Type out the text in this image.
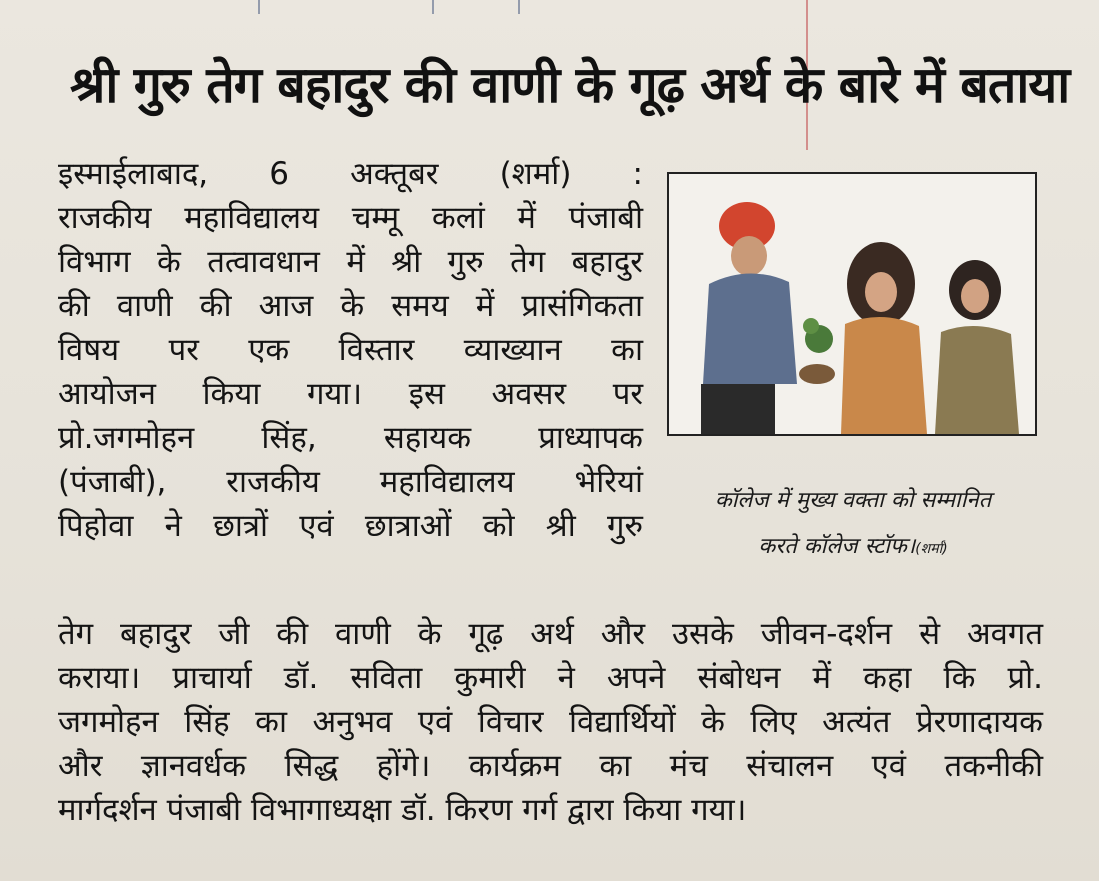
श्री गुरु तेग बहादुर की वाणी के गूढ़ अर्थ के बारे में बताया
इस्माईलाबाद, 6 अक्तूबर (शर्मा) :
राजकीय महाविद्यालय चम्मू कलां में पंजाबी
विभाग के तत्वावधान में श्री गुरु तेग बहादुर
की वाणी की आज के समय में प्रासंगिकता
विषय पर एक विस्तार व्याख्यान का
आयोजन किया गया। इस अवसर पर
प्रो.जगमोहन सिंह, सहायक प्राध्यापक
(पंजाबी), राजकीय महाविद्यालय भेरियां
पिहोवा ने छात्रों एवं छात्राओं को श्री गुरु
कॉलेज में मुख्य वक्ता को सम्मानित
करते कॉलेज स्टॉफ।(शर्मा)
तेग बहादुर जी की वाणी के गूढ़ अर्थ और उसके जीवन-दर्शन से अवगत
कराया। प्राचार्या डॉ. सविता कुमारी ने अपने संबोधन में कहा कि प्रो.
जगमोहन सिंह का अनुभव एवं विचार विद्यार्थियों के लिए अत्यंत प्रेरणादायक
और ज्ञानवर्धक सिद्ध होंगे। कार्यक्रम का मंच संचालन एवं तकनीकी
मार्गदर्शन पंजाबी विभागाध्यक्षा डॉ. किरण गर्ग द्वारा किया गया।
